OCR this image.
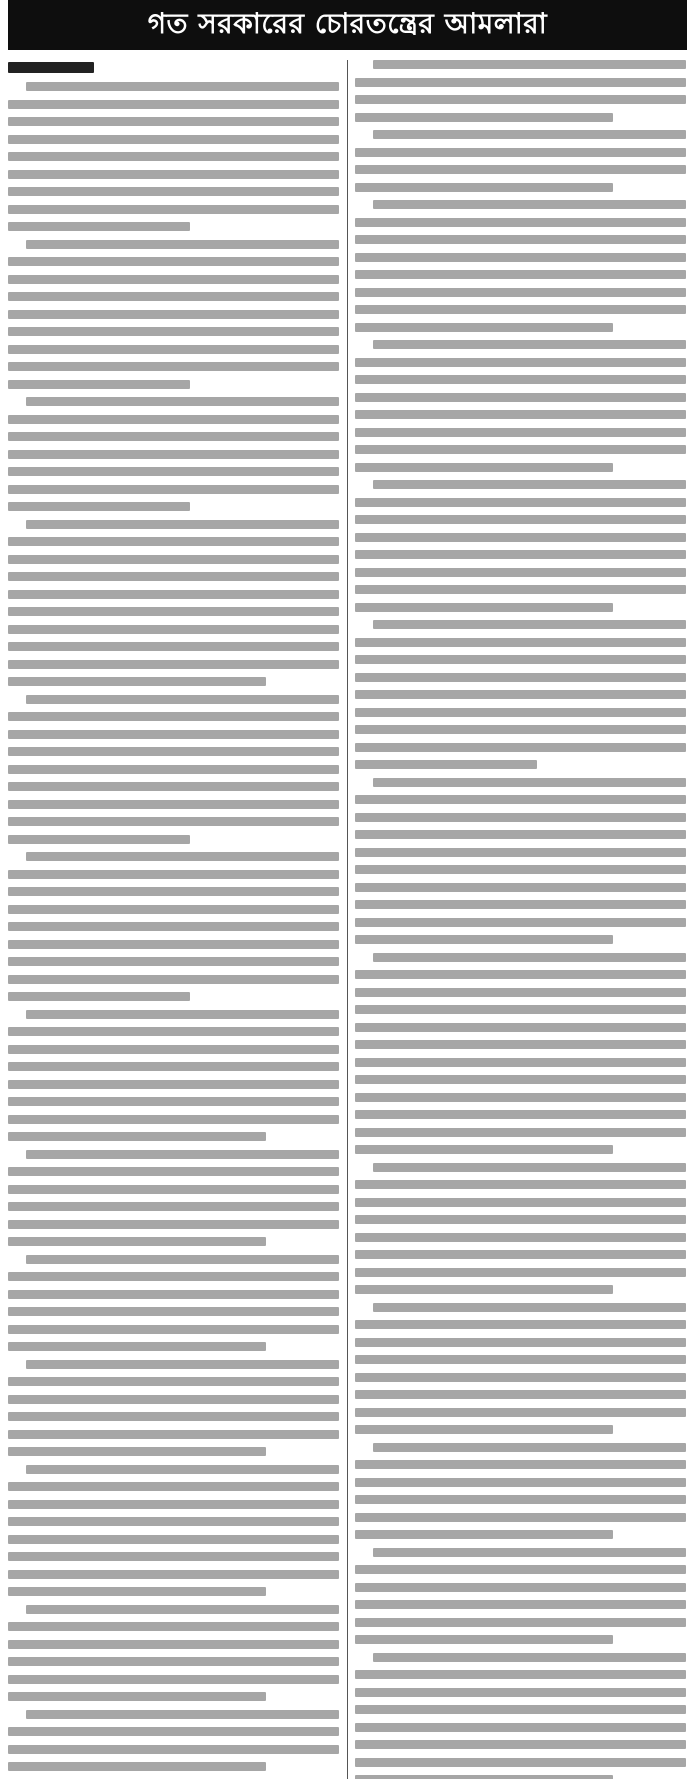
গত সরকারের চোরতন্ত্রের আমলারা
